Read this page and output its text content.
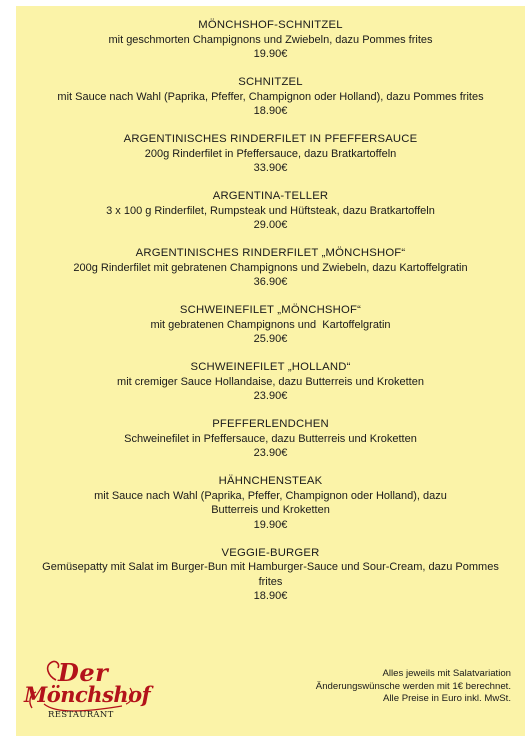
MÖNCHSHOF-SCHNITZEL
mit geschmorten Champignons und Zwiebeln, dazu Pommes frites
19.90€
SCHNITZEL
mit Sauce nach Wahl (Paprika, Pfeffer, Champignon oder Holland), dazu Pommes frites
18.90€
ARGENTINISCHES RINDERFILET IN PFEFFERSAUCE
200g Rinderfilet in Pfeffersauce, dazu Bratkartoffeln
33.90€
ARGENTINA-TELLER
3 x 100 g Rinderfilet, Rumpsteak und Hüftsteak, dazu Bratkartoffeln
29.00€
ARGENTINISCHES RINDERFILET „MÖNCHSHOF“
200g Rinderfilet mit gebratenen Champignons und Zwiebeln, dazu Kartoffelgratin
36.90€
SCHWEINEFILET „MÖNCHSHOF“
mit gebratenen Champignons und  Kartoffelgratin
25.90€
SCHWEINEFILET „HOLLAND“
mit cremiger Sauce Hollandaise, dazu Butterreis und Kroketten
23.90€
PFEFFERLENDCHEN
Schweinefilet in Pfeffersauce, dazu Butterreis und Kroketten
23.90€
HÄHNCHENSTEAK
mit Sauce nach Wahl (Paprika, Pfeffer, Champignon oder Holland), dazu Butterreis und Kroketten
19.90€
VEGGIE-BURGER
Gemüsepatty mit Salat im Burger-Bun mit Hamburger-Sauce und Sour-Cream, dazu Pommes frites
18.90€
Der
Mönchshof
RESTAURANT
Alles jeweils mit Salatvariation
Änderungswünsche werden mit 1€ berechnet.
Alle Preise in Euro inkl. MwSt.
